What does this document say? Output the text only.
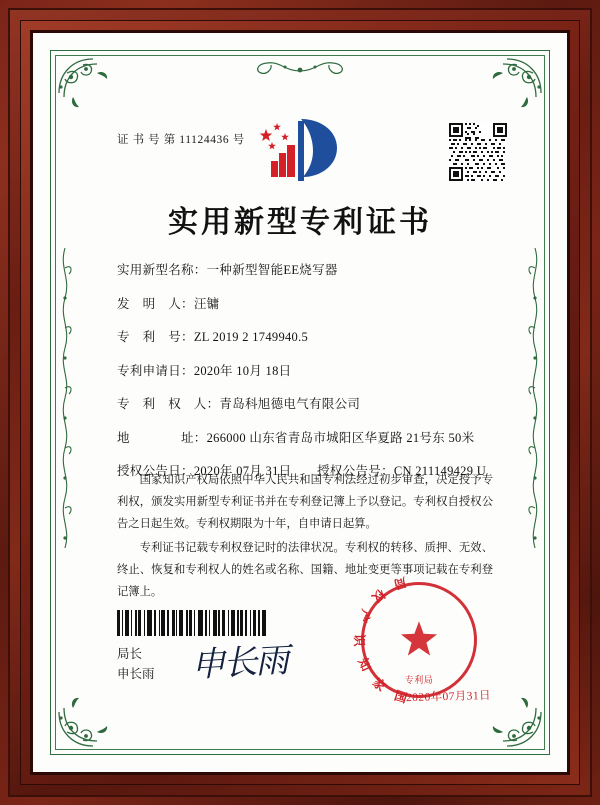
证 书 号 第 11124436 号
实用新型专利证书
实用新型名称： 一种新型智能EE烧写器
发　明　人： 汪镛
专　利　号： ZL 2019 2 1749940.5
专利申请日： 2020年 10月 18日
专　利　权　人： 青岛科旭德电气有限公司
地　　　　址： 266000 山东省青岛市城阳区华夏路 21号东 50米
授权公告日： 2020年 07月 31日　　授权公告号：CN 211149429 U

国家知识产权局依照中华人民共和国专利法经过初步审查，决定授予专利权，颁发实用新型专利证书并在专利登记簿上予以登记。专利权自授权公告之日起生效。专利权期限为十年，自申请日起算。

专利证书记载专利权登记时的法律状况。专利权的转移、质押、无效、终止、恢复和专利权人的姓名或名称、国籍、地址变更等事项记载在专利登记簿上。

局长
申长雨 申长雨
国
家
知
识
产
权
局
专利局
2020年07月31日
